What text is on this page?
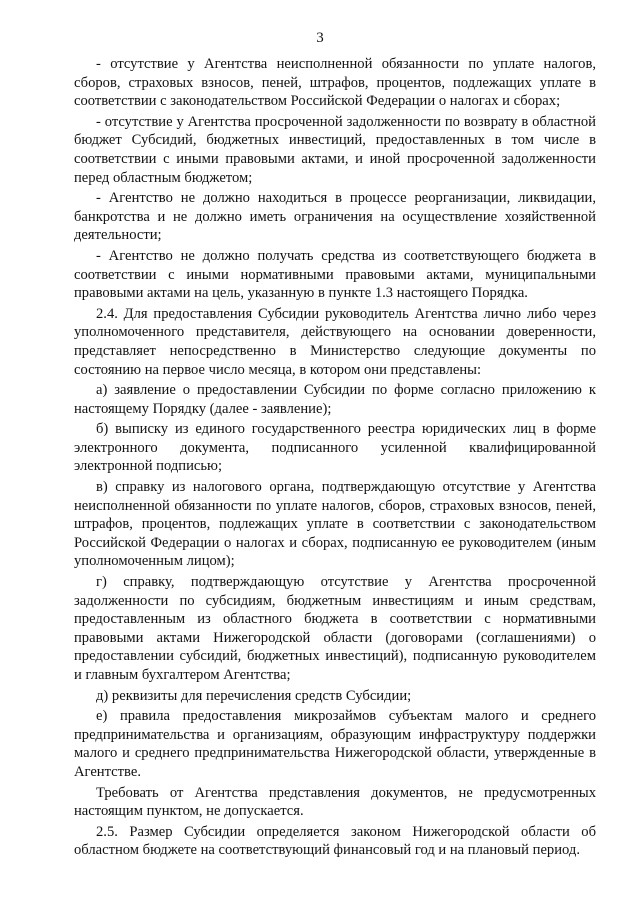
3

- отсутствие у Агентства неисполненной обязанности по уплате налогов, сборов, страховых взносов, пеней, штрафов, процентов, подлежащих уплате в соответствии с законодательством Российской Федерации о налогах и сборах;

- отсутствие у Агентства просроченной задолженности по возврату в областной бюджет Субсидий, бюджетных инвестиций, предоставленных в том числе в соответствии с иными правовыми актами, и иной просроченной задолженности перед областным бюджетом;

- Агентство не должно находиться в процессе реорганизации, ликвидации, банкротства и не должно иметь ограничения на осуществление хозяйственной деятельности;

- Агентство не должно получать средства из соответствующего бюджета в соответствии с иными нормативными правовыми актами, муниципальными правовыми актами на цель, указанную в пункте 1.3 настоящего Порядка.

2.4. Для предоставления Субсидии руководитель Агентства лично либо через уполномоченного представителя, действующего на основании доверенности, представляет непосредственно в Министерство следующие документы по состоянию на первое число месяца, в котором они представлены:

а) заявление о предоставлении Субсидии по форме согласно приложению к настоящему Порядку (далее - заявление);

б) выписку из единого государственного реестра юридических лиц в форме электронного документа, подписанного усиленной квалифицированной электронной подписью;

в) справку из налогового органа, подтверждающую отсутствие у Агентства неисполненной обязанности по уплате налогов, сборов, страховых взносов, пеней, штрафов, процентов, подлежащих уплате в соответствии с законодательством Российской Федерации о налогах и сборах, подписанную ее руководителем (иным уполномоченным лицом);

г) справку, подтверждающую отсутствие у Агентства просроченной задолженности по субсидиям, бюджетным инвестициям и иным средствам, предоставленным из областного бюджета в соответствии с нормативными правовыми актами Нижегородской области (договорами (соглашениями) о предоставлении субсидий, бюджетных инвестиций), подписанную руководителем и главным бухгалтером Агентства;

д) реквизиты для перечисления средств Субсидии;

е) правила предоставления микрозаймов субъектам малого и среднего предпринимательства и организациям, образующим инфраструктуру поддержки малого и среднего предпринимательства Нижегородской области, утвержденные в Агентстве.

Требовать от Агентства представления документов, не предусмотренных настоящим пунктом, не допускается.

2.5. Размер Субсидии определяется законом Нижегородской области об областном бюджете на соответствующий финансовый год и на плановый период.
